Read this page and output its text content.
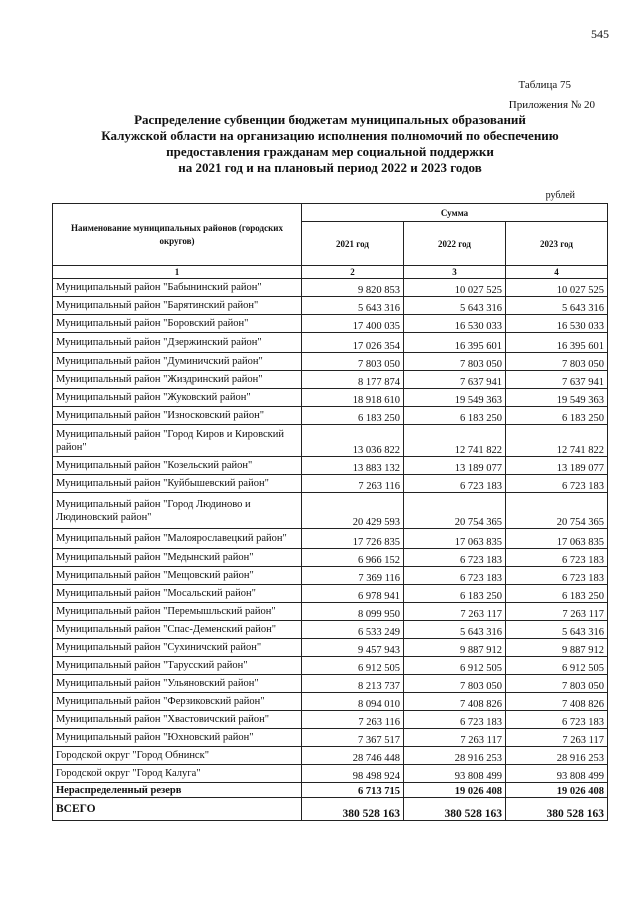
545
Таблица 75
Приложения № 20
Распределение субвенции бюджетам муниципальных образований
Калужской области на организацию исполнения полномочий по обеспечению
предоставления гражданам мер социальной поддержки
на 2021 год и на плановый период 2022 и 2023 годов
рублей
Наименование муниципальных районов (городских округов)	Сумма		
	2021 год	2022 год	2023 год
1	2	3	4
Муниципальный район "Бабынинский район"	9 820 853	10 027 525	10 027 525
Муниципальный район "Барятинский район"	5 643 316	5 643 316	5 643 316
Муниципальный район "Боровский район"	17 400 035	16 530 033	16 530 033
Муниципальный район "Дзержинский район"	17 026 354	16 395 601	16 395 601
Муниципальный район "Думиничский район"	7 803 050	7 803 050	7 803 050
Муниципальный район "Жиздринский район"	8 177 874	7 637 941	7 637 941
Муниципальный район "Жуковский район"	18 918 610	19 549 363	19 549 363
Муниципальный район "Износковский район"	6 183 250	6 183 250	6 183 250
Муниципальный район "Город Киров и Кировский район"	13 036 822	12 741 822	12 741 822
Муниципальный район "Козельский район"	13 883 132	13 189 077	13 189 077
Муниципальный район "Куйбышевский район"	7 263 116	6 723 183	6 723 183
Муниципальный район "Город Людиново и Людиновский район"	20 429 593	20 754 365	20 754 365
Муниципальный район "Малоярославецкий район"	17 726 835	17 063 835	17 063 835
Муниципальный район "Медынский район"	6 966 152	6 723 183	6 723 183
Муниципальный район "Мещовский район"	7 369 116	6 723 183	6 723 183
Муниципальный район "Мосальский район"	6 978 941	6 183 250	6 183 250
Муниципальный район "Перемышльский район"	8 099 950	7 263 117	7 263 117
Муниципальный район "Спас-Деменский район"	6 533 249	5 643 316	5 643 316
Муниципальный район "Сухиничский район"	9 457 943	9 887 912	9 887 912
Муниципальный район "Тарусский район"	6 912 505	6 912 505	6 912 505
Муниципальный район "Ульяновский район"	8 213 737	7 803 050	7 803 050
Муниципальный район "Ферзиковский район"	8 094 010	7 408 826	7 408 826
Муниципальный район "Хвастовичский район"	7 263 116	6 723 183	6 723 183
Муниципальный район "Юхновский район"	7 367 517	7 263 117	7 263 117
Городской округ "Город Обнинск"	28 746 448	28 916 253	28 916 253
Городской округ "Город Калуга"	98 498 924	93 808 499	93 808 499
Нераспределенный резерв	6 713 715	19 026 408	19 026 408
ВСЕГО	380 528 163	380 528 163	380 528 163
